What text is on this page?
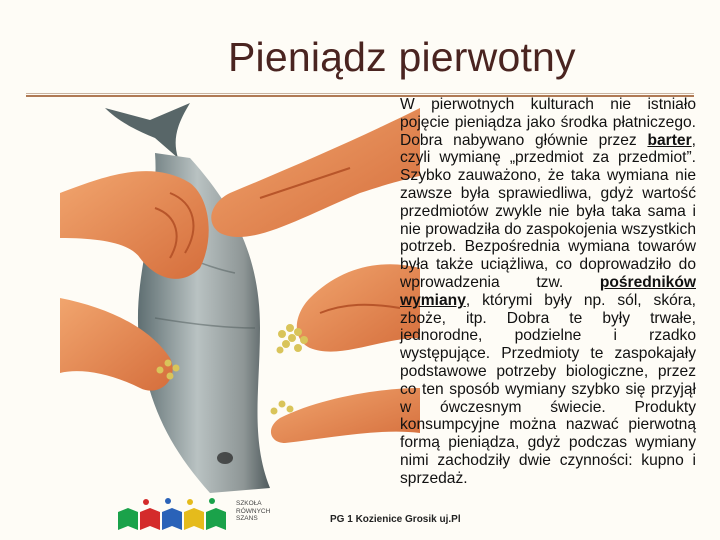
Pieniądz pierwotny

W pierwotnych kulturach nie istniało pojęcie pieniądza jako środka płatniczego. Dobra nabywano głównie przez barter, czyli wymianę „przedmiot za przedmiot”. Szybko zauważono, że taka wymiana nie zawsze była sprawiedliwa, gdyż wartość przedmiotów zwykle nie była taka sama i nie prowadziła do zaspokojenia wszystkich potrzeb. Bezpośrednia wymiana towarów była także uciążliwa, co doprowadziło do wprowadzenia tzw. pośredników wymiany, którymi były np. sól, skóra, zboże, itp. Dobra te były trwałe, jednorodne, podzielne i rzadko występujące. Przedmioty te zaspokajały podstawowe potrzeby biologiczne, przez co ten sposób wymiany szybko się przyjął w ówczesnym świecie. Produkty konsumpcyjne można nazwać pierwotną formą pieniądza, gdyż podczas wymiany nimi zachodziły dwie czynności: kupno i sprzedaż.

SZKOŁA
RÓWNYCH
SZANS	PG 1 Kozienice Grosik uj.Pl
